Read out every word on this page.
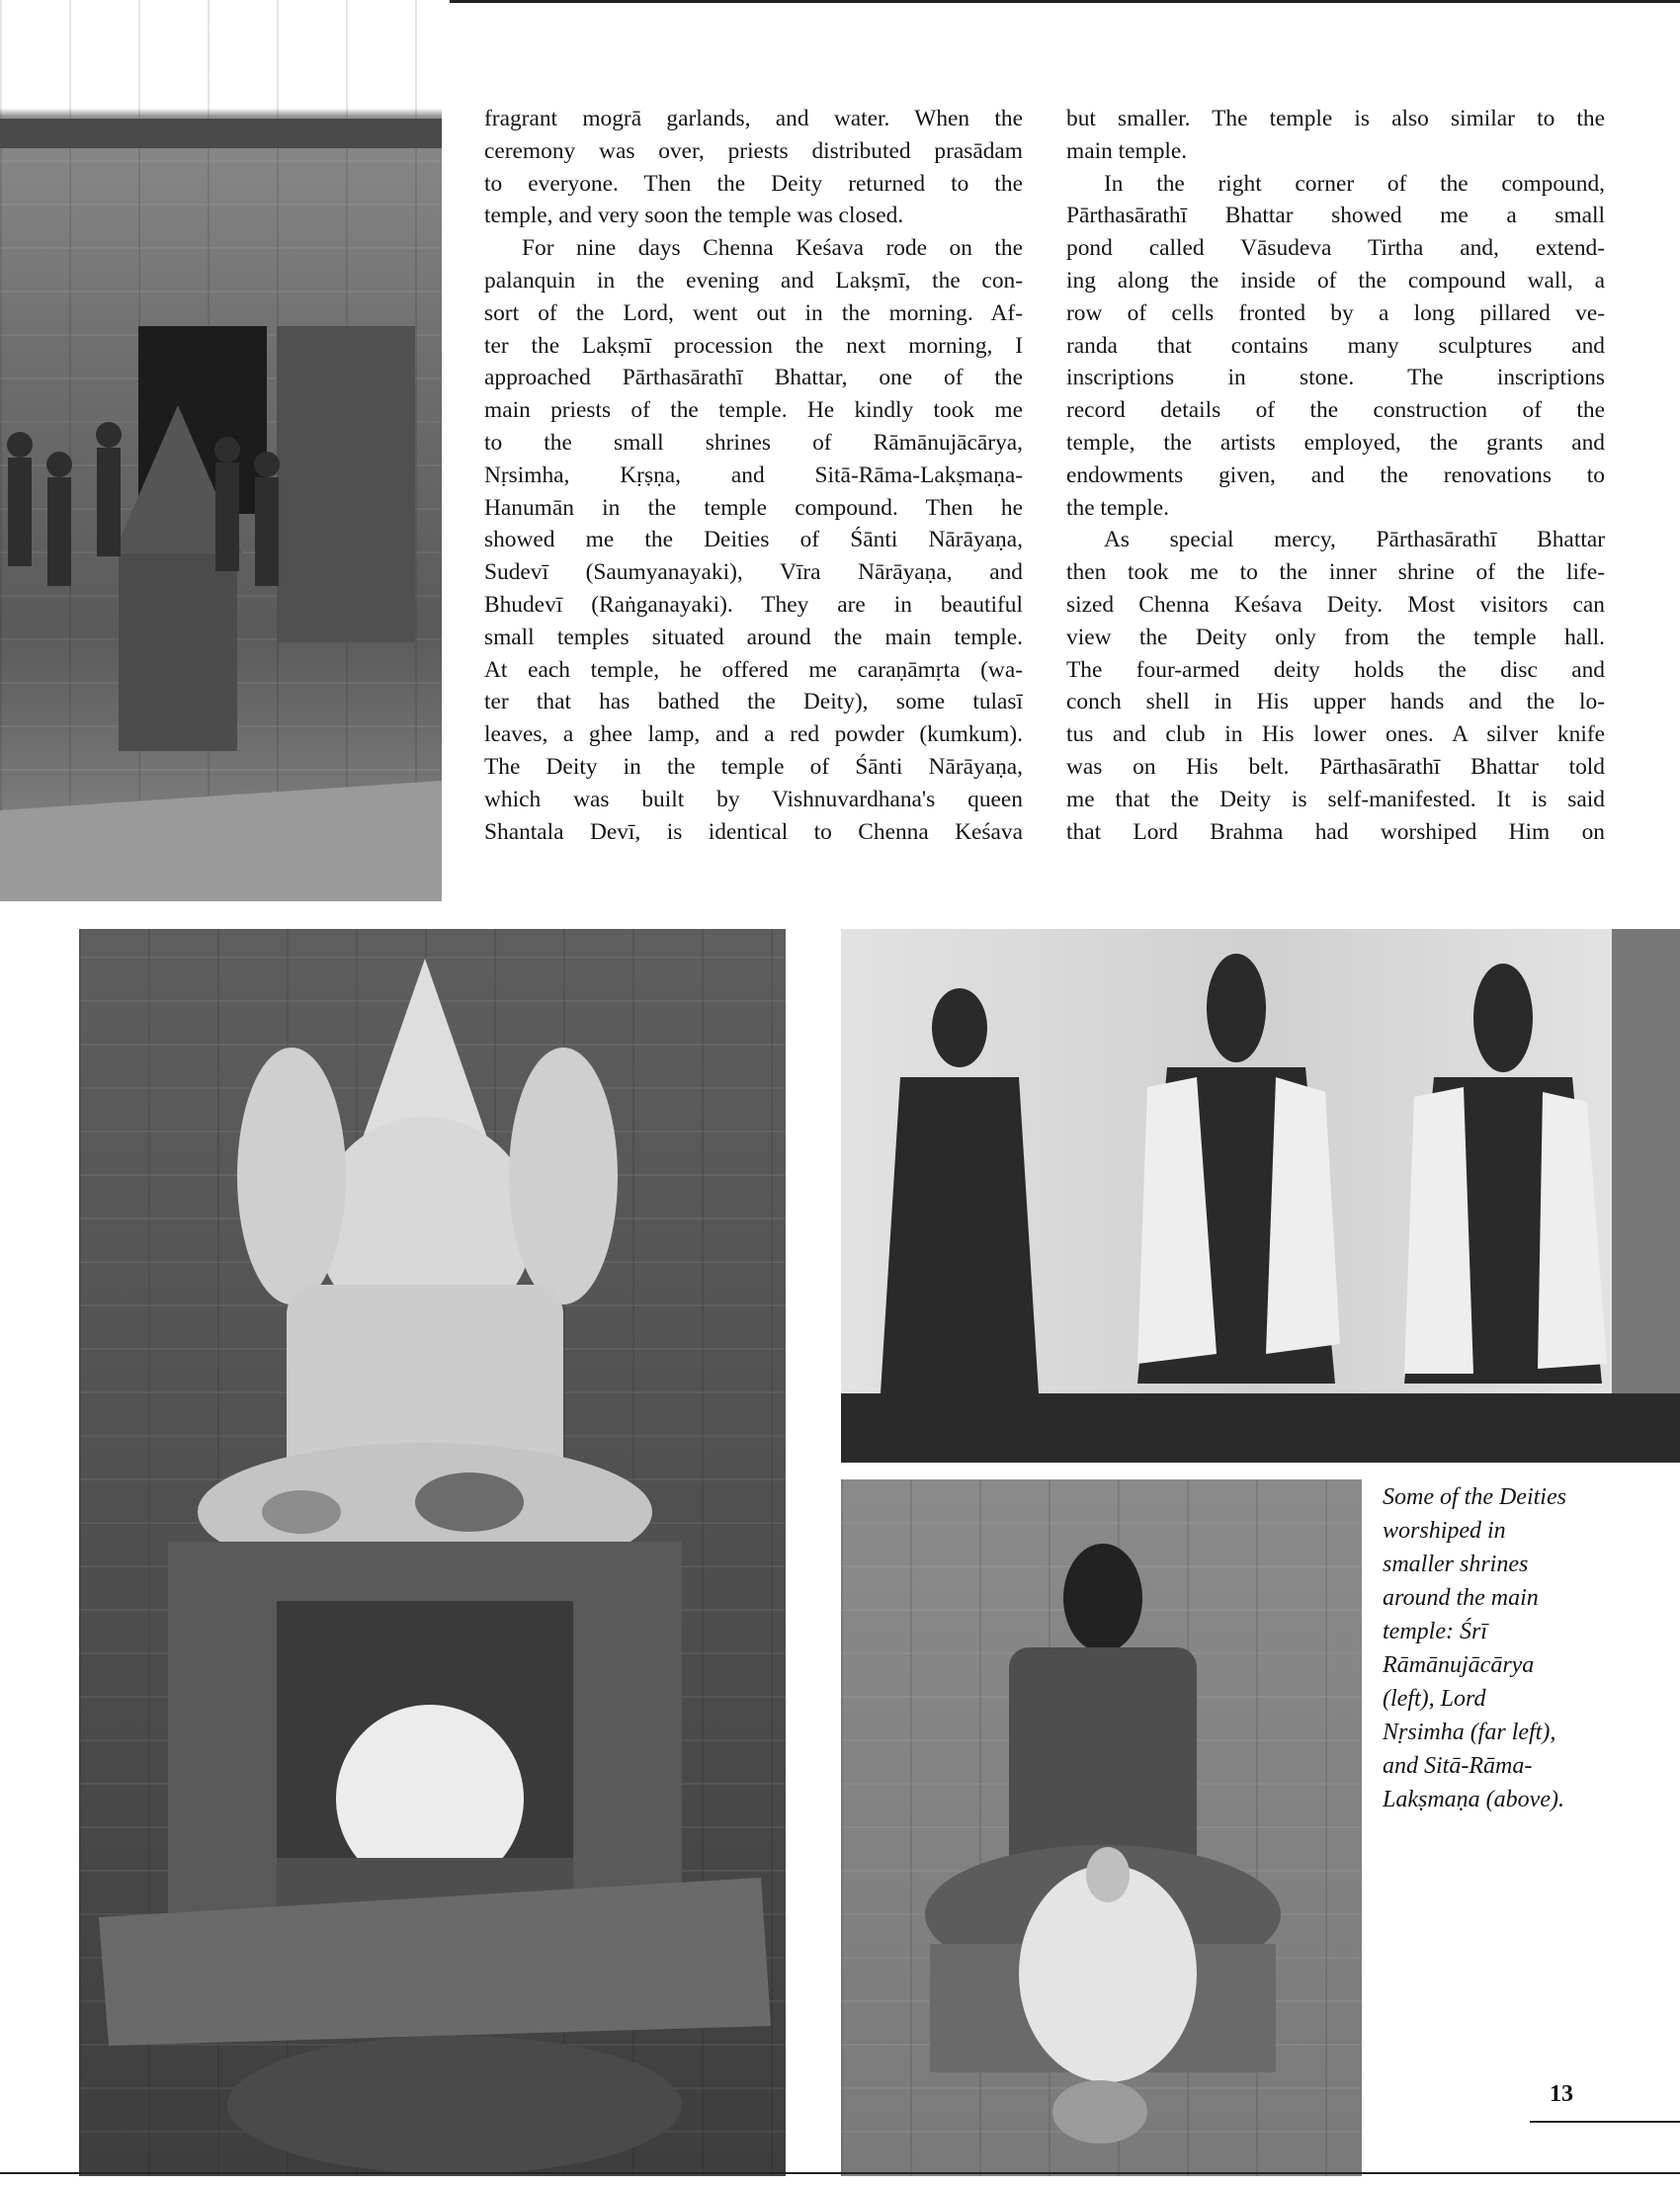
fragrant mogrā garlands, and water. When the
ceremony was over, priests distributed prasādam
to everyone. Then the Deity returned to the
temple, and very soon the temple was closed.
For nine days Chenna Keśava rode on the
palanquin in the evening and Lakṣmī, the con-
sort of the Lord, went out in the morning. Af-
ter the Lakṣmī procession the next morning, I
approached Pārthasārathī Bhattar, one of the
main priests of the temple. He kindly took me
to the small shrines of Rāmānujācārya,
Nṛsimha, Kṛṣṇa, and Sitā-Rāma-Lakṣmaṇa-
Hanumān in the temple compound. Then he
showed me the Deities of Śānti Nārāyaṇa,
Sudevī (Saumyanayaki), Vīra Nārāyaṇa, and
Bhudevī (Raṅganayaki). They are in beautiful
small temples situated around the main temple.
At each temple, he offered me caraṇāmṛta (wa-
ter that has bathed the Deity), some tulasī
leaves, a ghee lamp, and a red powder (kumkum).
The Deity in the temple of Śānti Nārāyaṇa,
which was built by Vishnuvardhana's queen
Shantala Devī, is identical to Chenna Keśava
but smaller. The temple is also similar to the
main temple.
In the right corner of the compound,
Pārthasārathī Bhattar showed me a small
pond called Vāsudeva Tirtha and, extend-
ing along the inside of the compound wall, a
row of cells fronted by a long pillared ve-
randa that contains many sculptures and
inscriptions in stone. The inscriptions
record details of the construction of the
temple, the artists employed, the grants and
endowments given, and the renovations to
the temple.
As special mercy, Pārthasārathī Bhattar
then took me to the inner shrine of the life-
sized Chenna Keśava Deity. Most visitors can
view the Deity only from the temple hall.
The four-armed deity holds the disc and
conch shell in His upper hands and the lo-
tus and club in His lower ones. A silver knife
was on His belt. Pārthasārathī Bhattar told
me that the Deity is self-manifested. It is said
that Lord Brahma had worshiped Him on
Some of the Deities
worshiped in
smaller shrines
around the main
temple: Śrī
Rāmānujācārya
(left), Lord
Nṛsimha (far left),
and Sitā-Rāma-
Lakṣmaṇa (above).
13
